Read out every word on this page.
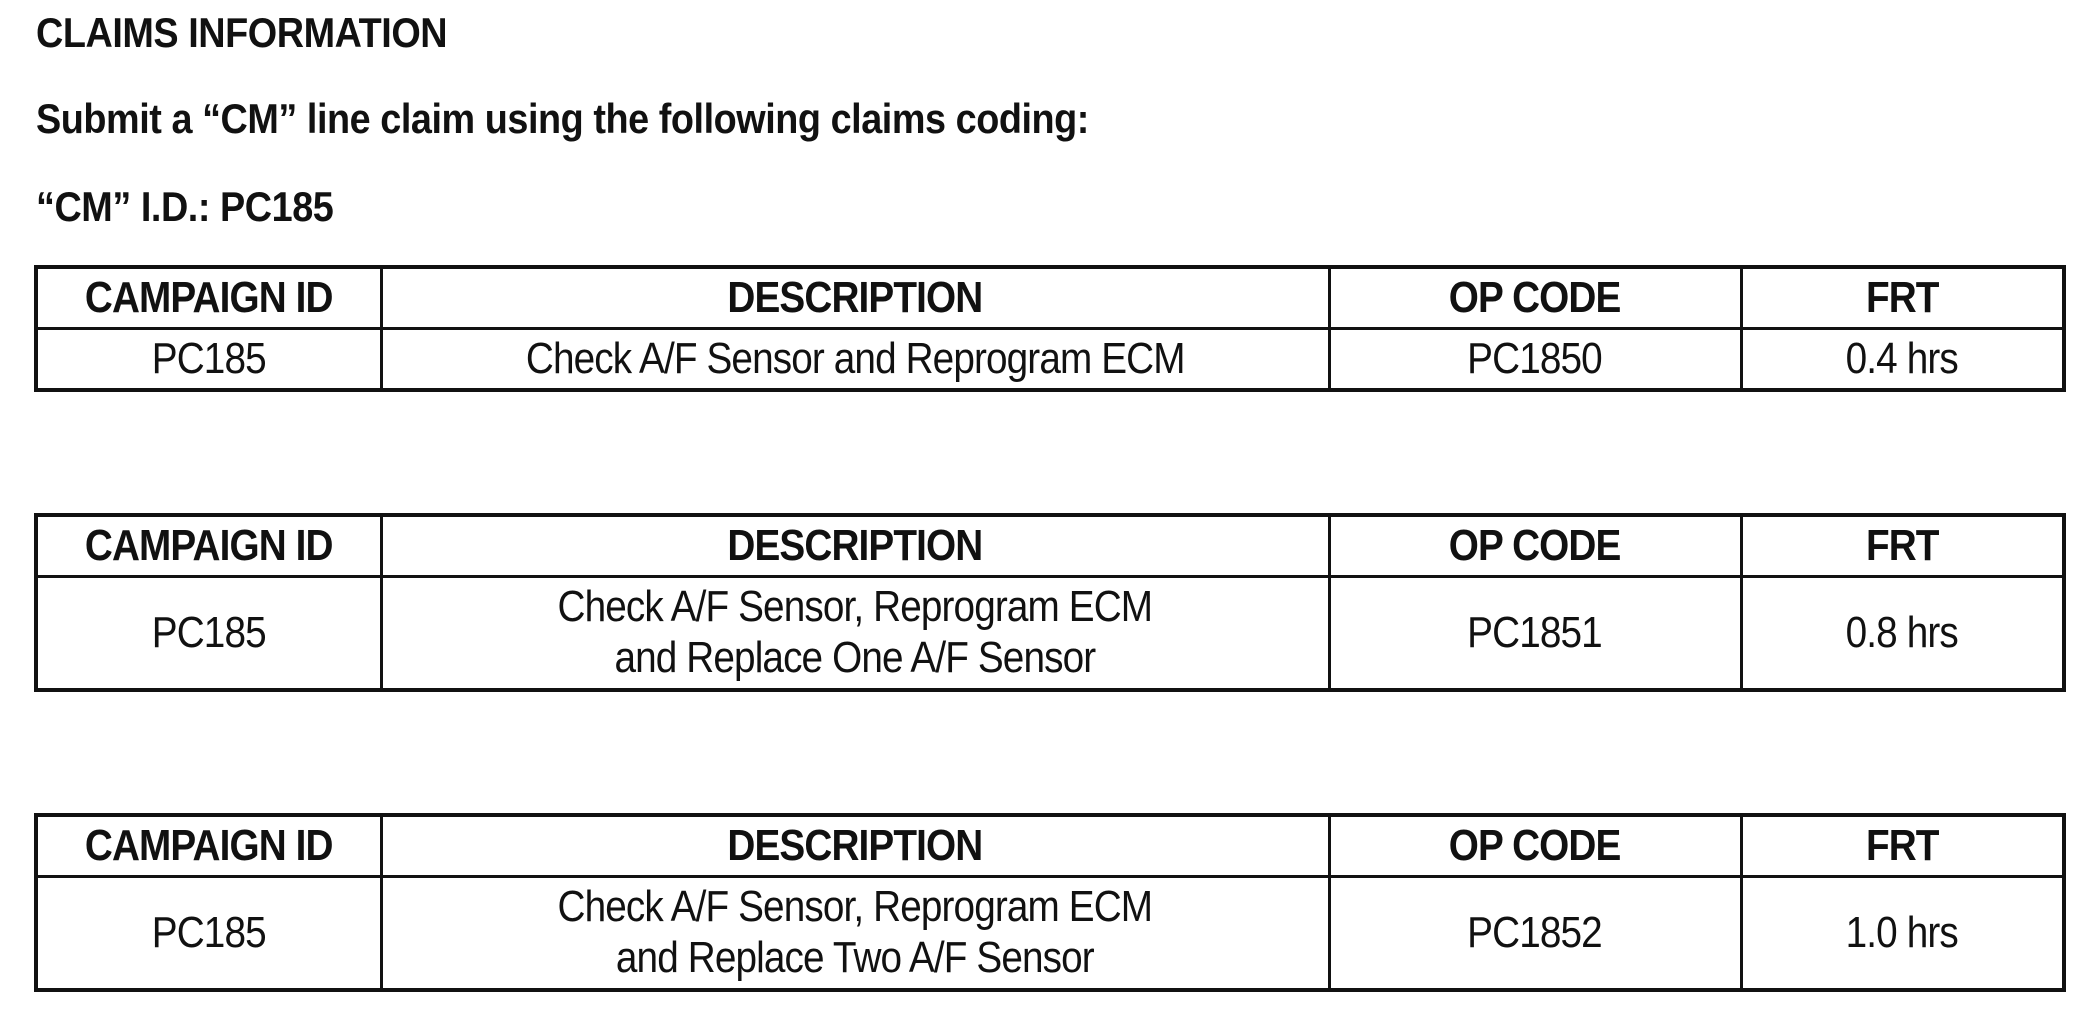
CLAIMS INFORMATION
Submit a “CM” line claim using the following claims coding:
“CM” I.D.: PC185
CAMPAIGN ID	DESCRIPTION	OP CODE	FRT
PC185	Check A/F Sensor and Reprogram ECM	PC1850	0.4 hrs
CAMPAIGN ID	DESCRIPTION	OP CODE	FRT
PC185	Check A/F Sensor, Reprogram ECM
and Replace One A/F Sensor	PC1851	0.8 hrs
CAMPAIGN ID	DESCRIPTION	OP CODE	FRT
PC185	Check A/F Sensor, Reprogram ECM
and Replace Two A/F Sensor	PC1852	1.0 hrs
